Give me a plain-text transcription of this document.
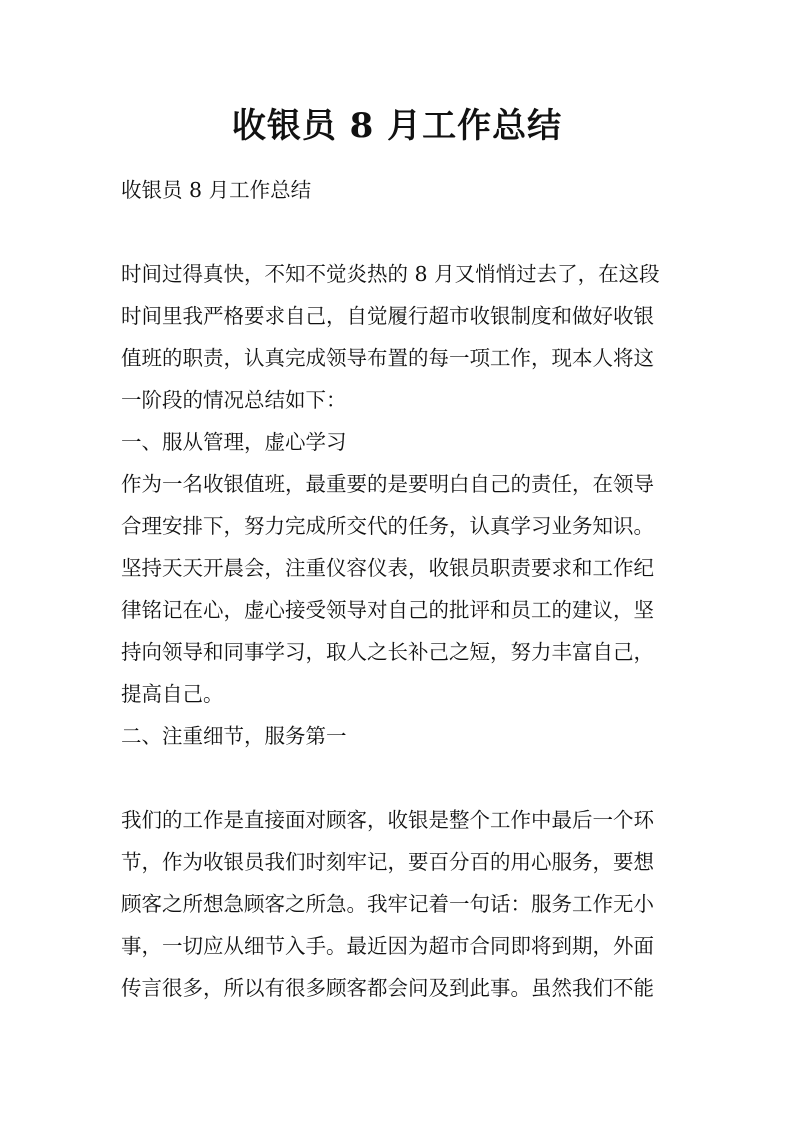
收银员 8 月工作总结
收银员 8 月工作总结
时间过得真快，不知不觉炎热的 8 月又悄悄过去了，在这段
时间里我严格要求自己，自觉履行超市收银制度和做好收银
值班的职责，认真完成领导布置的每一项工作，现本人将这
一阶段的情况总结如下：
一、服从管理，虚心学习
作为一名收银值班，最重要的是要明白自己的责任，在领导
合理安排下，努力完成所交代的任务，认真学习业务知识。
坚持天天开晨会，注重仪容仪表，收银员职责要求和工作纪
律铭记在心，虚心接受领导对自己的批评和员工的建议，坚
持向领导和同事学习，取人之长补己之短，努力丰富自己，
提高自己。
二、注重细节，服务第一
我们的工作是直接面对顾客，收银是整个工作中最后一个环
节，作为收银员我们时刻牢记，要百分百的用心服务，要想
顾客之所想急顾客之所急。我牢记着一句话：服务工作无小
事，一切应从细节入手。最近因为超市合同即将到期，外面
传言很多，所以有很多顾客都会问及到此事。虽然我们不能
